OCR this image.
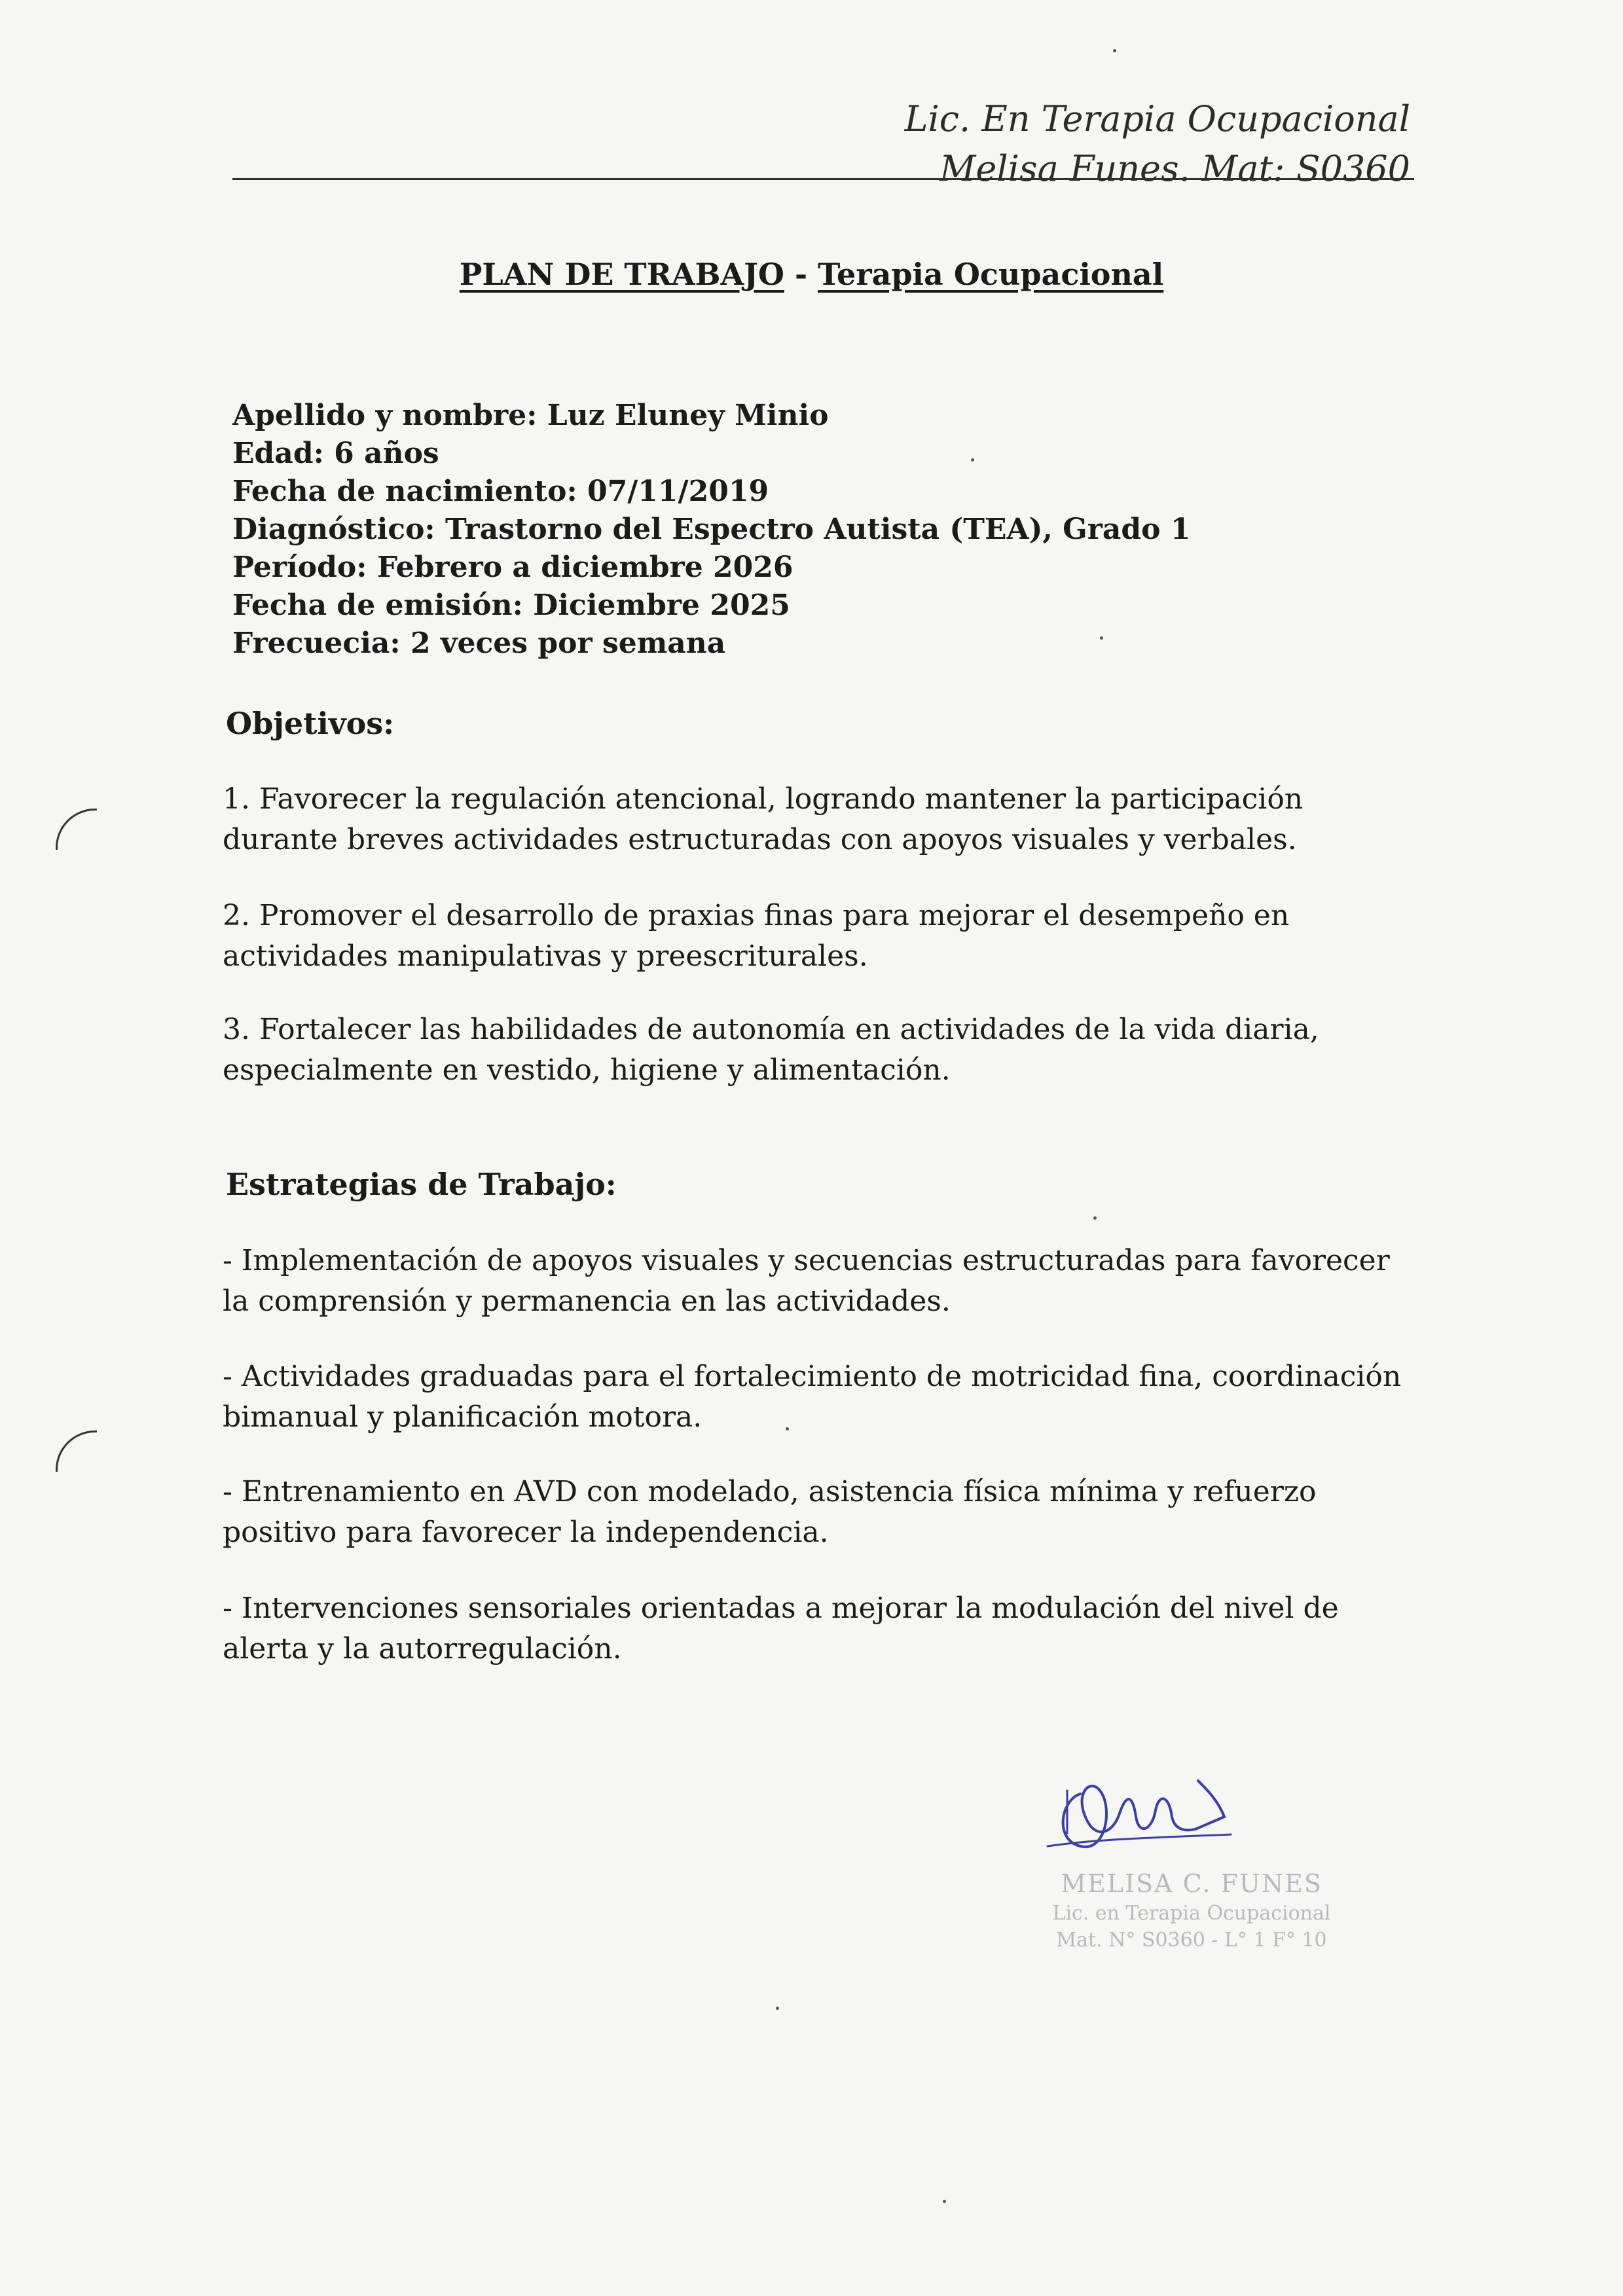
Lic. En Terapia Ocupacional
Melisa Funes. Mat: S0360
PLAN DE TRABAJO - Terapia Ocupacional
Apellido y nombre: Luz Eluney Minio
Edad: 6 años
Fecha de nacimiento: 07/11/2019
Diagnóstico: Trastorno del Espectro Autista (TEA), Grado 1
Período: Febrero a diciembre 2026
Fecha de emisión: Diciembre 2025
Frecuecia: 2 veces por semana
Objetivos:
1. Favorecer la regulación atencional, logrando mantener la participación durante breves actividades estructuradas con apoyos visuales y verbales.
2. Promover el desarrollo de praxias finas para mejorar el desempeño en actividades manipulativas y preescriturales.
3. Fortalecer las habilidades de autonomía en actividades de la vida diaria, especialmente en vestido, higiene y alimentación.
Estrategias de Trabajo:
- Implementación de apoyos visuales y secuencias estructuradas para favorecer la comprensión y permanencia en las actividades.
- Actividades graduadas para el fortalecimiento de motricidad fina, coordinación bimanual y planificación motora.
- Entrenamiento en AVD con modelado, asistencia física mínima y refuerzo positivo para favorecer la independencia.
- Intervenciones sensoriales orientadas a mejorar la modulación del nivel de alerta y la autorregulación.
MELISA C. FUNES
Lic. en Terapia Ocupacional
Mat. N° S0360 - L° 1 F° 10
